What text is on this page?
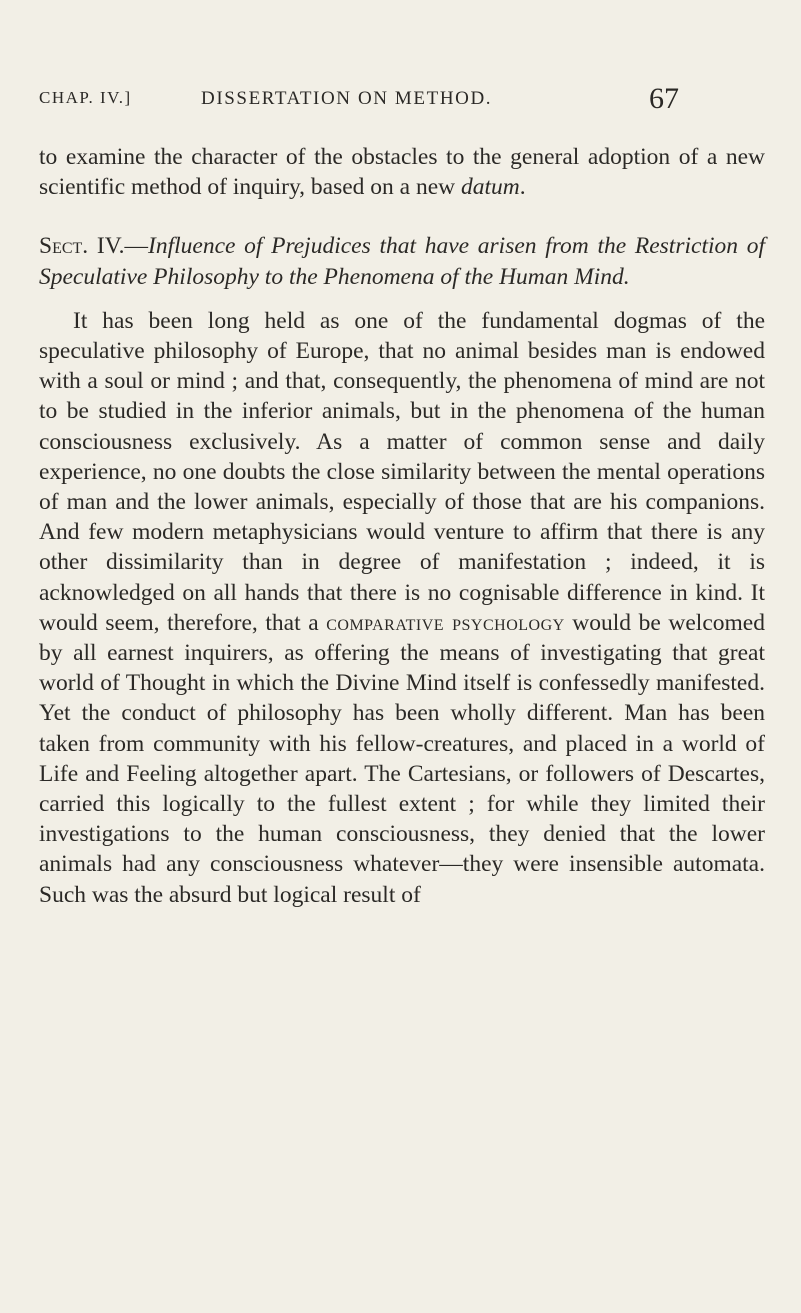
CHAP. IV.]	DISSERTATION ON METHOD.	67

to examine the character of the obstacles to the general adoption of a new scientific method of inquiry, based on a new datum.

Sect. IV.—Influence of Prejudices that have arisen from the Restriction of Speculative Philosophy to the Phenomena of the Human Mind.

It has been long held as one of the fundamental dogmas of the speculative philosophy of Europe, that no animal besides man is endowed with a soul or mind ; and that, consequently, the phenomena of mind are not to be studied in the inferior animals, but in the phenomena of the human consciousness exclusively. As a matter of common sense and daily experience, no one doubts the close similarity between the mental operations of man and the lower animals, especially of those that are his companions. And few modern metaphysicians would venture to affirm that there is any other dissimilarity than in degree of manifestation ; indeed, it is acknowledged on all hands that there is no cognisable difference in kind. It would seem, therefore, that a comparative psychology would be welcomed by all earnest inquirers, as offering the means of investigating that great world of Thought in which the Divine Mind itself is confessedly manifested. Yet the conduct of philosophy has been wholly different. Man has been taken from community with his fellow-creatures, and placed in a world of Life and Feeling altogether apart. The Cartesians, or followers of Descartes, carried this logically to the fullest extent ; for while they limited their investigations to the human consciousness, they denied that the lower animals had any consciousness whatever—they were insensible automata. Such was the absurd but logical result of
